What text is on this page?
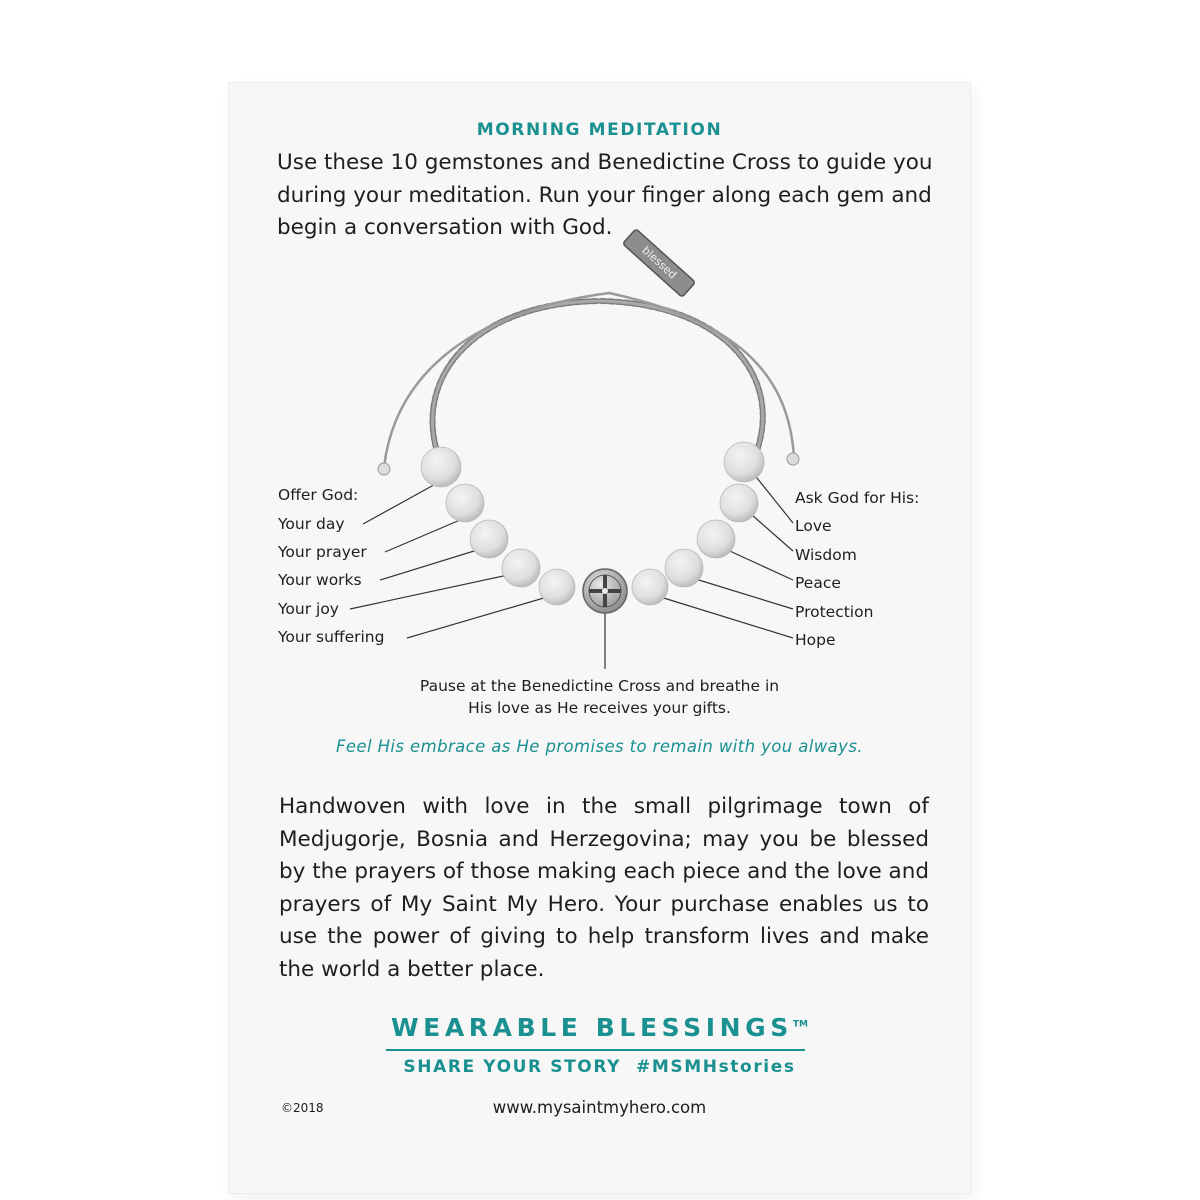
MORNING MEDITATION
Use these 10 gemstones and Benedictine Cross to guide you during your meditation. Run your finger along each gem and begin a conversation with God.
blessed
Offer God:
Your day
Your prayer
Your works
Your joy
Your suffering
Ask God for His:
Love
Wisdom
Peace
Protection
Hope
Pause at the Benedictine Cross and breathe in
His love as He receives your gifts.
Feel His embrace as He promises to remain with you always.
Handwoven with love in the small pilgrimage town of Medjugorje, Bosnia and Herzegovina; may you be blessed by the prayers of those making each piece and the love and prayers of My Saint My Hero. Your purchase enables us to use the power of giving to help transform lives and make the world a better place.
WEARABLE BLESSINGS™
SHARE YOUR STORY  #MSMHstories
©2018	www.mysaintmyhero.com
